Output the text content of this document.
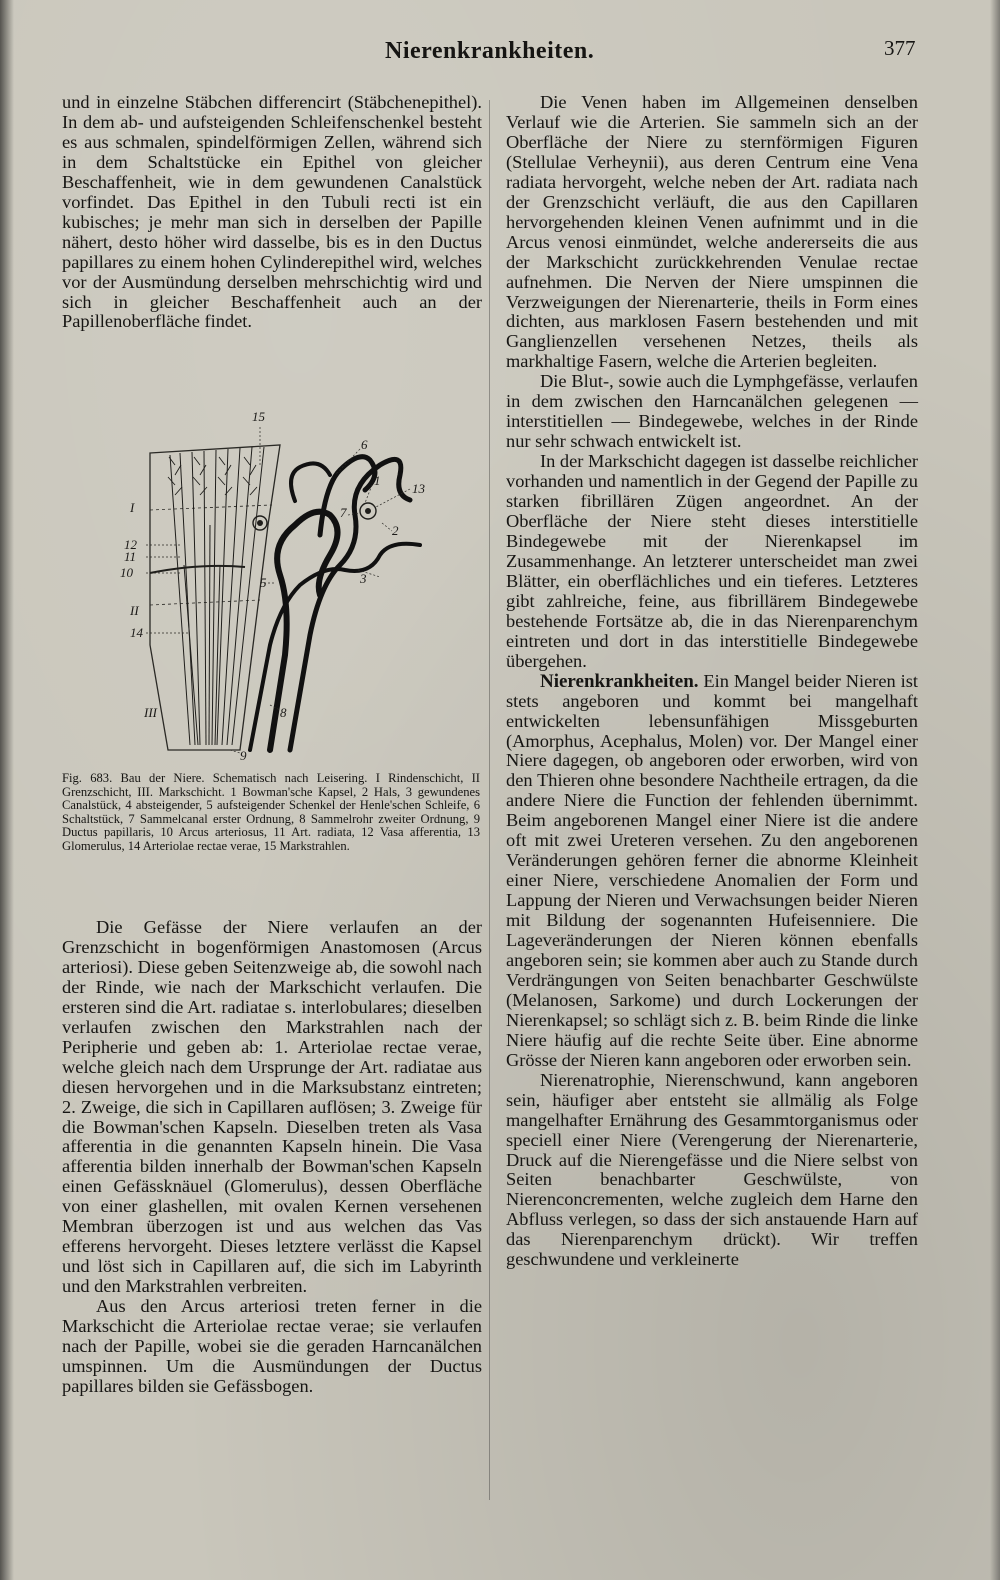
Nierenkrankheiten.	377

und in einzelne Stäbchen differencirt (Stäbchenepithel). In dem ab- und aufsteigenden Schleifenschenkel besteht es aus schmalen, spindelförmigen Zellen, während sich in dem Schaltstücke ein Epithel von gleicher Beschaffenheit, wie in dem gewundenen Canalstück vorfindet. Das Epithel in den Tubuli recti ist ein kubisches; je mehr man sich in derselben der Papille nähert, desto höher wird dasselbe, bis es in den Ductus papillares zu einem hohen Cylinderepithel wird, welches vor der Ausmündung derselben mehrschichtig wird und sich in gleicher Beschaffenheit auch an der Papillenoberfläche findet.

15
6
1
13
7
2
3
12
11
10
5
14
8
9
I
II
III
Fig. 683. Bau der Niere. Schematisch nach Leisering. I Rindenschicht, II Grenzschicht, III. Markschicht. 1 Bowman'sche Kapsel, 2 Hals, 3 gewundenes Canalstück, 4 absteigender, 5 aufsteigender Schenkel der Henle'schen Schleife, 6 Schaltstück, 7 Sammelcanal erster Ordnung, 8 Sammelrohr zweiter Ordnung, 9 Ductus papillaris, 10 Arcus arteriosus, 11 Art. radiata, 12 Vasa afferentia, 13 Glomerulus, 14 Arteriolae rectae verae, 15 Markstrahlen.

Die Gefässe der Niere verlaufen an der Grenzschicht in bogenförmigen Anastomosen (Arcus arteriosi). Diese geben Seitenzweige ab, die sowohl nach der Rinde, wie nach der Markschicht verlaufen. Die ersteren sind die Art. radiatae s. interlobulares; dieselben verlaufen zwischen den Markstrahlen nach der Peripherie und geben ab: 1. Arteriolae rectae verae, welche gleich nach dem Ursprunge der Art. radiatae aus diesen hervorgehen und in die Marksubstanz eintreten; 2. Zweige, die sich in Capillaren auflösen; 3. Zweige für die Bowman'schen Kapseln. Dieselben treten als Vasa afferentia in die genannten Kapseln hinein. Die Vasa afferentia bilden innerhalb der Bowman'schen Kapseln einen Gefässknäuel (Glomerulus), dessen Oberfläche von einer glashellen, mit ovalen Kernen versehenen Membran überzogen ist und aus welchen das Vas efferens hervorgeht. Dieses letztere verlässt die Kapsel und löst sich in Capillaren auf, die sich im Labyrinth und den Markstrahlen verbreiten.

Aus den Arcus arteriosi treten ferner in die Markschicht die Arteriolae rectae verae; sie verlaufen nach der Papille, wobei sie die geraden Harncanälchen umspinnen. Um die Ausmündungen der Ductus papillares bilden sie Gefässbogen.

Die Venen haben im Allgemeinen denselben Verlauf wie die Arterien. Sie sammeln sich an der Oberfläche der Niere zu sternförmigen Figuren (Stellulae Verheynii), aus deren Centrum eine Vena radiata hervorgeht, welche neben der Art. radiata nach der Grenzschicht verläuft, die aus den Capillaren hervorgehenden kleinen Venen aufnimmt und in die Arcus venosi einmündet, welche andererseits die aus der Markschicht zurückkehrenden Venulae rectae aufnehmen. Die Nerven der Niere umspinnen die Verzweigungen der Nierenarterie, theils in Form eines dichten, aus marklosen Fasern bestehenden und mit Ganglienzellen versehenen Netzes, theils als markhaltige Fasern, welche die Arterien begleiten.

Die Blut-, sowie auch die Lymphgefässe, verlaufen in dem zwischen den Harncanälchen gelegenen — interstitiellen — Bindegewebe, welches in der Rinde nur sehr schwach entwickelt ist.

In der Markschicht dagegen ist dasselbe reichlicher vorhanden und namentlich in der Gegend der Papille zu starken fibrillären Zügen angeordnet. An der Oberfläche der Niere steht dieses interstitielle Bindegewebe mit der Nierenkapsel im Zusammenhange. An letzterer unterscheidet man zwei Blätter, ein oberflächliches und ein tieferes. Letzteres gibt zahlreiche, feine, aus fibrillärem Bindegewebe bestehende Fortsätze ab, die in das Nierenparenchym eintreten und dort in das interstitielle Bindegewebe übergehen.

Nierenkrankheiten. Ein Mangel beider Nieren ist stets angeboren und kommt bei mangelhaft entwickelten lebensunfähigen Missgeburten (Amorphus, Acephalus, Molen) vor. Der Mangel einer Niere dagegen, ob angeboren oder erworben, wird von den Thieren ohne besondere Nachtheile ertragen, da die andere Niere die Function der fehlenden übernimmt. Beim angeborenen Mangel einer Niere ist die andere oft mit zwei Ureteren versehen. Zu den angeborenen Veränderungen gehören ferner die abnorme Kleinheit einer Niere, verschiedene Anomalien der Form und Lappung der Nieren und Verwachsungen beider Nieren mit Bildung der sogenannten Hufeisenniere. Die Lageveränderungen der Nieren können ebenfalls angeboren sein; sie kommen aber auch zu Stande durch Verdrängungen von Seiten benachbarter Geschwülste (Melanosen, Sarkome) und durch Lockerungen der Nierenkapsel; so schlägt sich z. B. beim Rinde die linke Niere häufig auf die rechte Seite über. Eine abnorme Grösse der Nieren kann angeboren oder erworben sein.

Nierenatrophie, Nierenschwund, kann angeboren sein, häufiger aber entsteht sie allmälig als Folge mangelhafter Ernährung des Gesammtorganismus oder speciell einer Niere (Verengerung der Nierenarterie, Druck auf die Nierengefässe und die Niere selbst von Seiten benachbarter Geschwülste, von Nierenconcrementen, welche zugleich dem Harne den Abfluss verlegen, so dass der sich anstauende Harn auf das Nierenparenchym drückt). Wir treffen geschwundene und verkleinerte
